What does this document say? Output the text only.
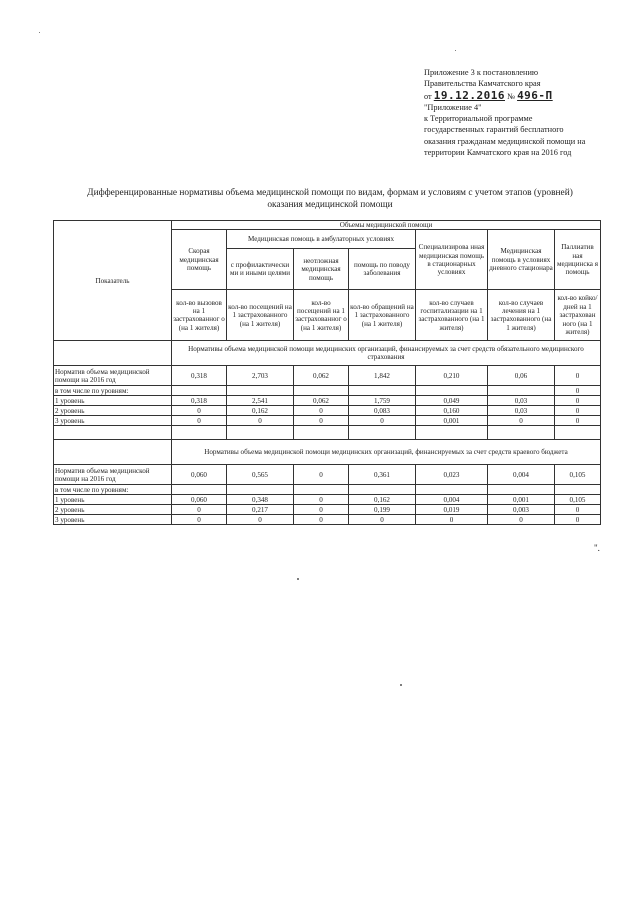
Приложение 3 к постановлению
Правительства Камчатского края
от 19.12.2016 № 496-П
"Приложение 4"
к Территориальной программе
государственных гарантий бесплатного
оказания гражданам медицинской помощи на
территории Камчатского края на 2016 год
Дифференцированные нормативы объема медицинской помощи по видам, формам и условиям с учетом этапов (уровней)
оказания медицинской помощи
Показатель	Объемы медицинской помощи						
	Скорая медицинская помощь	Медицинская помощь в амбулаторных условиях			Специализирова нная медицинская помощь в стационарных условиях	Медицинская помощь в условиях дневного стационара	Паллиатив ная медицинска я помощь
		с профилактически ми и иными целями	неотложная медицинская помощь	помощь по поводу заболевания			
	кол-во вызовов на 1 застрахованног о (на 1 жителя)	кол-во посещений на 1 застрахованного (на 1 жителя)	кол-во посещений на 1 застрахованног о (на 1 жителя)	кол-во обращений на 1 застрахованного (на 1 жителя)	кол-во случаев госпитализации на 1 застрахованного (на 1 жителя)	кол-во случаев лечения на 1 застрахованного (на 1 жителя)	кол-во койко/ дней на 1 застрахован ного (на 1 жителя)
	Нормативы объема медицинской помощи медицинских организаций, финансируемых за счет средств обязательного медицинского страхования						
Норматив объема медицинской помощи на 2016 год	0,318	2,703	0,062	1,842	0,210	0,06	0
в том числе по уровням:							0
1 уровень	0,318	2,541	0,062	1,759	0,049	0,03	0
2 уровень	0	0,162	0	0,083	0,160	0,03	0
3 уровень	0	0	0	0	0,001	0	0

	Нормативы объема медицинской помощи медицинских организаций, финансируемых за счет средств краевого бюджета						
Норматив объема медицинской помощи на 2016 год	0,060	0,565	0	0,361	0,023	0,004	0,105
в том числе по уровням:							
1 уровень	0,060	0,348	0	0,162	0,004	0,001	0,105
2 уровень	0	0,217	0	0,199	0,019	0,003	0
3 уровень	0	0	0	0	0	0	0
".
